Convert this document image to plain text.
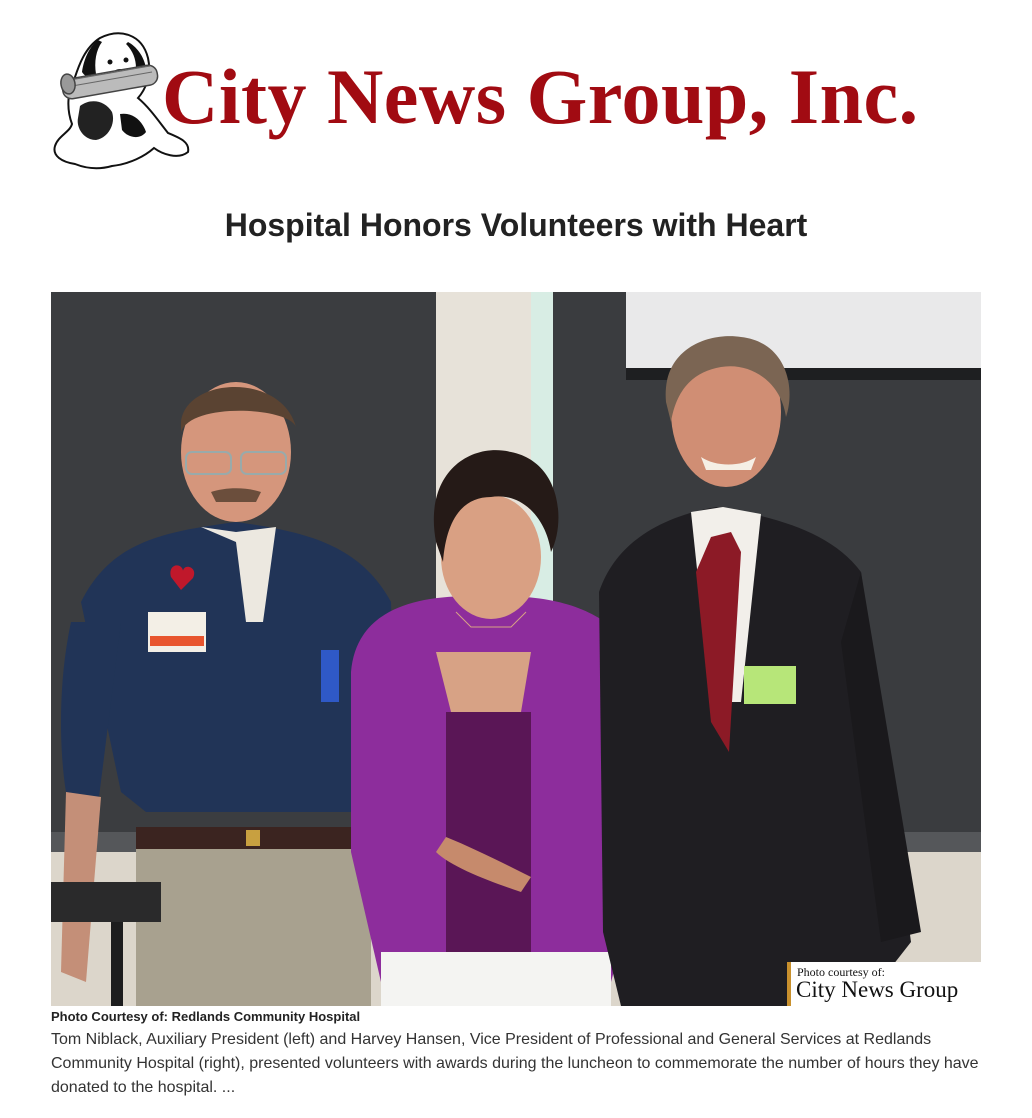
City News Group, Inc.
Hospital Honors Volunteers with Heart
Photo courtesy of:
City News Group
Photo Courtesy of: Redlands Community Hospital

Tom Niblack, Auxiliary President (left) and Harvey Hansen, Vice President of Professional and General Services at Redlands Community Hospital (right), presented volunteers with awards during the luncheon to commemorate the number of hours they have donated to the hospital. ...
